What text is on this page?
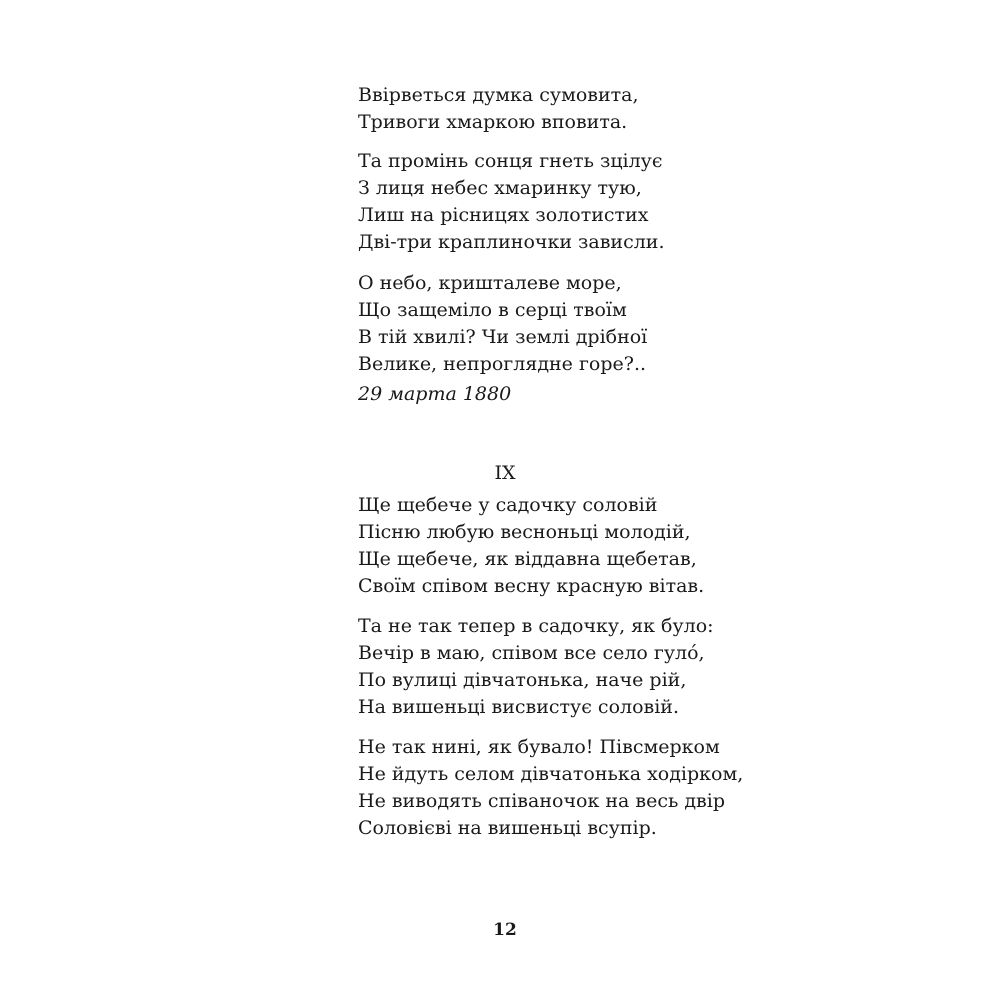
Ввірветься думка сумовита,
Тривоги хмаркою вповита.
Та промінь сонця гнеть зцілує
З лиця небес хмаринку тую,
Лиш на рісницях золотистих
Дві-три краплиночки зависли.
О небо, кришталеве море,
Що защеміло в серці твоїм
В тій хвилі? Чи землі дрібної
Велике, непроглядне горе?..
29 марта 1880
IX
Ще щебече у садочку соловій
Пісню любую весноньці молодій,
Ще щебече, як віддавна щебетав,
Своїм співом весну красную вітав.
Та не так тепер в садочку, як було:
Вечір в маю, співом все село гуло́,
По вулиці дівчатонька, наче рій,
На вишеньці висвистує соловій.
Не так нині, як бувало! Півсмерком
Не йдуть селом дівчатонька ходірком,
Не виводять співаночок на весь двір
Соловієві на вишеньці всупір.
12
